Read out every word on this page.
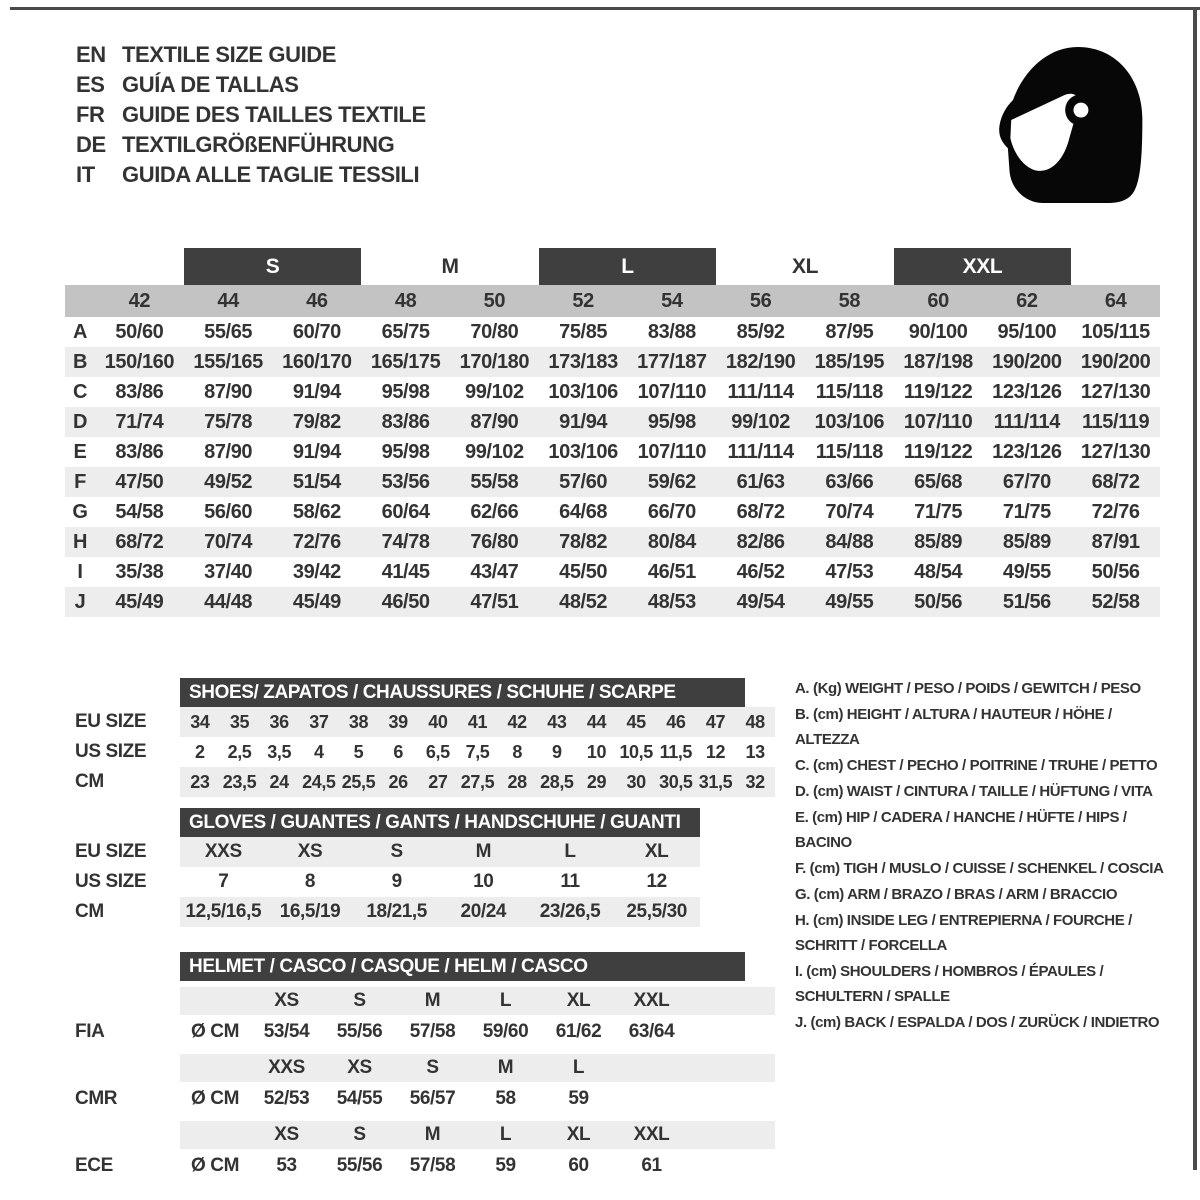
EN TEXTILE SIZE GUIDE
ES GUÍA DE TALLAS
FR GUIDE DES TAILLES TEXTILE
DE TEXTILGRÖßENFÜHRUNG
IT	GUIDA ALLE TAGLIE TESSILI
S	M	L	XL	XXL
42	44	46	48	50	52	54	56	58	60	62	64
A	50/60	55/65	60/70	65/75	70/80	75/85	83/88	85/92	87/95	90/100	95/100	105/115
B 150/160 155/165 160/170 165/175 170/180 173/183 177/187 182/190 185/195 187/198 190/200 190/200
C	83/86	87/90	91/94	95/98	99/102	103/106 107/110	111/114	115/118	119/122 123/126 127/130
D	71/74	75/78	79/82	83/86	87/90	91/94	95/98	99/102	103/106 107/110	111/114	115/119
E	83/86	87/90	91/94	95/98	99/102	103/106 107/110	111/114	115/118	119/122 123/126 127/130
F	47/50	49/52	51/54	53/56	55/58	57/60	59/62	61/63	63/66	65/68	67/70	68/72
G	54/58	56/60	58/62	60/64	62/66	64/68	66/70	68/72	70/74	71/75	71/75	72/76
H	68/72	70/74	72/76	74/78	76/80	78/82	80/84	82/86	84/88	85/89	85/89	87/91
I	35/38	37/40	39/42	41/45	43/47	45/50	46/51	46/52	47/53	48/54	49/55	50/56
J	45/49	44/48	45/49	46/50	47/51	48/52	48/53	49/54	49/55	50/56	51/56	52/58
SHOES/ ZAPATOS / CHAUSSURES / SCHUHE / SCARPE
EU SIZE	34	35	36	37	38	39	40	41	42	43	44	45	46	47	48
US SIZE	2	2,5 3,5	4	5	6	6,5 7,5	8	9	10 10,5 11,5 12	13
CM	23 23,5 24 24,5 25,5 26	27 27,5 28 28,5 29	30 30,5 31,5 32
GLOVES / GUANTES / GANTS / HANDSCHUHE / GUANTI
EU SIZE	XXS	XS	S	M	L	XL
US SIZE	7	8	9	10	11	12
CM	12,5/16,5 16,5/19	18/21,5	20/24	23/26,5	25,5/30
HELMET / CASCO / CASQUE / HELM / CASCO
XS	S	M	L	XL	XXL
FIA	Ø CM	53/54	55/56	57/58	59/60	61/62	63/64
XXS	XS	S	M	L
CMR	Ø CM	52/53	54/55	56/57	58	59
XS	S	M	L	XL	XXL
ECE	Ø CM	53	55/56	57/58	59	60	61
A. (Kg) WEIGHT / PESO / POIDS / GEWITCH / PESO
B. (cm) HEIGHT / ALTURA / HAUTEUR / HÖHE / ALTEZZA
C. (cm) CHEST / PECHO / POITRINE / TRUHE / PETTO
D. (cm) WAIST / CINTURA / TAILLE / HÜFTUNG / VITA
E. (cm) HIP / CADERA / HANCHE / HÜFTE / HIPS / BACINO
F. (cm) TIGH / MUSLO / CUISSE / SCHENKEL / COSCIA
G. (cm) ARM / BRAZO / BRAS / ARM / BRACCIO
H. (cm) INSIDE LEG / ENTREPIERNA / FOURCHE / SCHRITT / FORCELLA
I. (cm) SHOULDERS / HOMBROS / ÉPAULES / SCHULTERN / SPALLE
J. (cm) BACK / ESPALDA / DOS / ZURÜCK / INDIETRO
